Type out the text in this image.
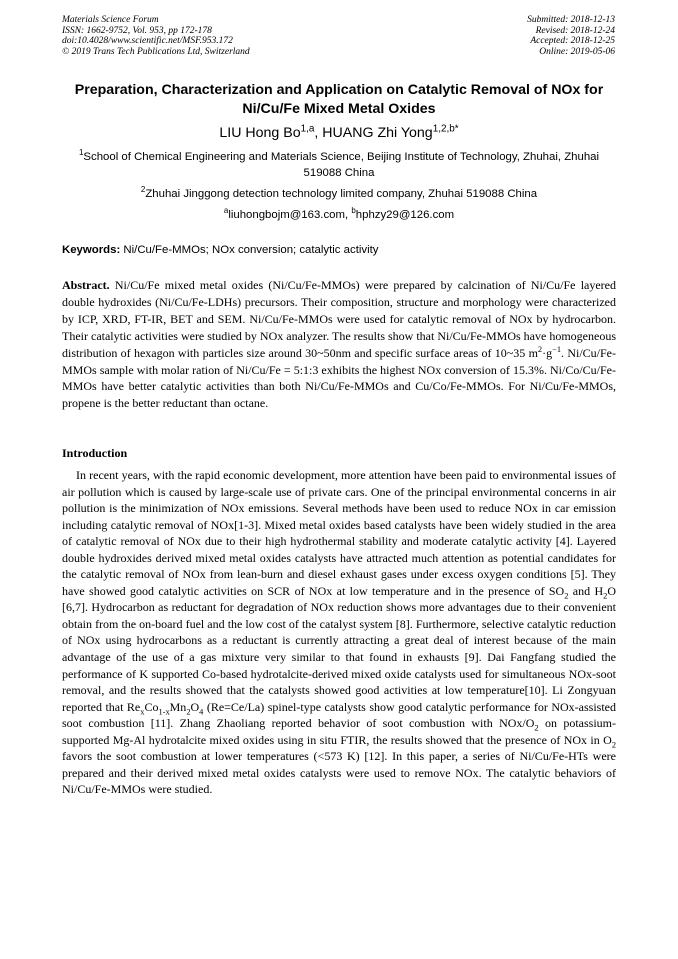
Materials Science Forum
ISSN: 1662-9752, Vol. 953, pp 172-178
doi:10.4028/www.scientific.net/MSF.953.172
© 2019 Trans Tech Publications Ltd, Switzerland
Submitted: 2018-12-13
Revised: 2018-12-24
Accepted: 2018-12-25
Online: 2019-05-06
Preparation, Characterization and Application on Catalytic Removal of NOx for Ni/Cu/Fe Mixed Metal Oxides
LIU Hong Bo$^{1,a}$, HUANG Zhi Yong$^{1,2,b*}$
$^1$School of Chemical Engineering and Materials Science, Beijing Institute of Technology, Zhuhai, Zhuhai 519088 China
$^2$Zhuhai Jinggong detection technology limited company, Zhuhai 519088 China
$^a$liuhongbojm@163.com, $^b$hphzy29@126.com
Keywords: Ni/Cu/Fe-MMOs; NOx conversion; catalytic activity
Abstract. Ni/Cu/Fe mixed metal oxides (Ni/Cu/Fe-MMOs) were prepared by calcination of Ni/Cu/Fe layered double hydroxides (Ni/Cu/Fe-LDHs) precursors. Their composition, structure and morphology were characterized by ICP, XRD, FT-IR, BET and SEM. Ni/Cu/Fe-MMOs were used for catalytic removal of NOx by hydrocarbon. Their catalytic activities were studied by NOx analyzer. The results show that Ni/Cu/Fe-MMOs have homogeneous distribution of hexagon with particles size around 30~50nm and specific surface areas of 10~35 $m^2\cdot g^{-1}$. Ni/Cu/Fe-MMOs sample with molar ration of Ni/Cu/Fe = 5:1:3 exhibits the highest NOx conversion of 15.3%. Ni/Co/Cu/Fe-MMOs have better catalytic activities than both Ni/Cu/Fe-MMOs and Cu/Co/Fe-MMOs. For Ni/Cu/Fe-MMOs, propene is the better reductant than octane.
Introduction
In recent years, with the rapid economic development, more attention have been paid to environmental issues of air pollution which is caused by large-scale use of private cars. One of the principal environmental concerns in air pollution is the minimization of NOx emissions. Several methods have been used to reduce NOx in car emission including catalytic removal of NOx[1-3]. Mixed metal oxides based catalysts have been widely studied in the area of catalytic removal of NOx due to their high hydrothermal stability and moderate catalytic activity [4]. Layered double hydroxides derived mixed metal oxides catalysts have attracted much attention as potential candidates for the catalytic removal of NOx from lean-burn and diesel exhaust gases under excess oxygen conditions [5]. They have showed good catalytic activities on SCR of NOx at low temperature and in the presence of $SO_2$ and $H_2O$ [6,7]. Hydrocarbon as reductant for degradation of NOx reduction shows more advantages due to their convenient obtain from the on-board fuel and the low cost of the catalyst system [8]. Furthermore, selective catalytic reduction of NOx using hydrocarbons as a reductant is currently attracting a great deal of interest because of the main advantage of the use of a gas mixture very similar to that found in exhausts [9]. Dai Fangfang studied the performance of K supported Co-based hydrotalcite-derived mixed oxide catalysts used for simultaneous NOx-soot removal, and the results showed that the catalysts showed good activities at low temperature[10]. Li Zongyuan reported that $Re_xCo_{1-x}Mn_2O_4$ (Re=Ce/La) spinel-type catalysts show good catalytic performance for NOx-assisted soot combustion [11]. Zhang Zhaoliang reported behavior of soot combustion with NOx/$O_2$ on potassium-supported Mg-Al hydrotalcite mixed oxides using in situ FTIR, the results showed that the presence of NOx in $O_2$ favors the soot combustion at lower temperatures (<573 K) [12]. In this paper, a series of Ni/Cu/Fe-HTs were prepared and their derived mixed metal oxides catalysts were used to remove NOx. The catalytic behaviors of Ni/Cu/Fe-MMOs were studied.
